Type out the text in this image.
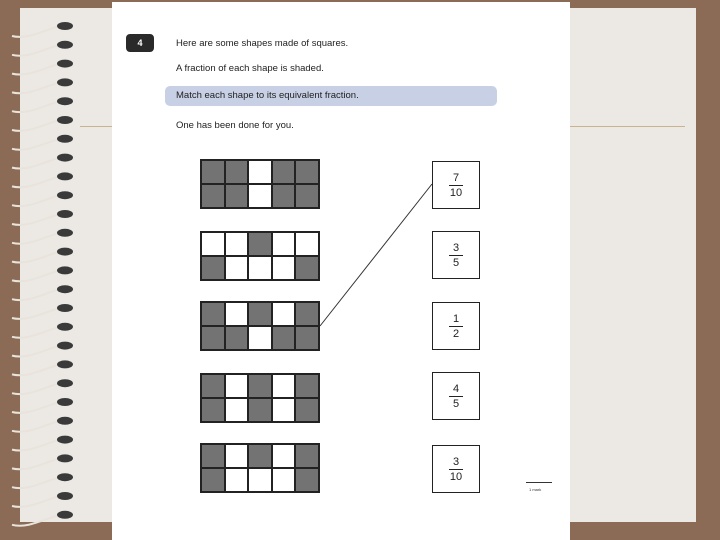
4	Here are some shapes made of squares.
A fraction of each shape is shaded.
Match each shape to its equivalent fraction.
One has been done for you.
7
10
3
5
1
2
4
5
3
10
1 mark
